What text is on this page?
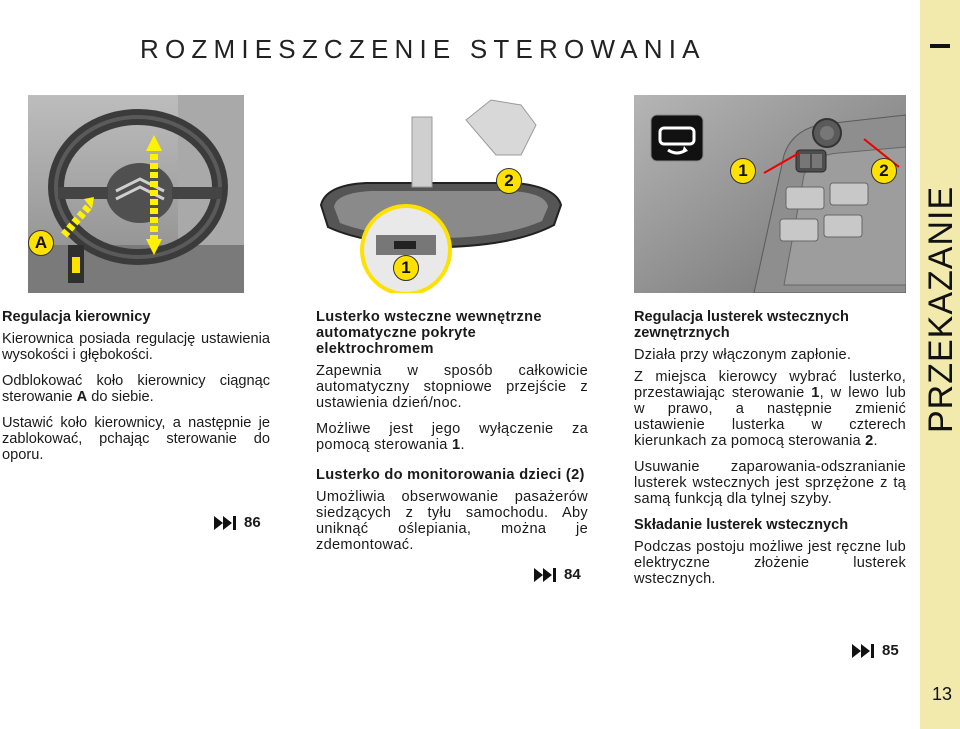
ROZMIESZCZENIE STEROWANIA
PRZEKAZANIE
13
A
2
1
1	2
Regulacja kierownicy

Kierownica posiada regulację ustawienia wysokości i głębokości.

Odblokować koło kierownicy ciągnąc sterowanie A do siebie.

Ustawić koło kierownicy, a następnie je zablokować, pchając sterowanie do oporu.

86
Lusterko wsteczne wewnętrzne automatyczne pokryte elektrochromem

Zapewnia w sposób całkowicie automatyczny stopniowe przejście z ustawienia dzień/noc.

Możliwe jest jego wyłączenie za pomocą sterowania 1.

Lusterko do monitorowania dzieci (2)

Umożliwia obserwowanie pasażerów siedzących z tyłu samochodu. Aby uniknąć oślepiania, można je zdemontować.

84
Regulacja lusterek wstecznych zewnętrznych

Działa przy włączonym zapłonie.

Z miejsca kierowcy wybrać lusterko, przestawiając sterowanie 1, w lewo lub w prawo, a następnie zmienić ustawienie lusterka w czterech kierunkach za pomocą sterowania 2.

Usuwanie zaparowania-odszranianie lusterek wstecznych jest sprzężone z tą samą funkcją dla tylnej szyby.

Składanie lusterek wstecznych

Podczas postoju możliwe jest ręczne lub elektryczne złożenie lusterek wstecznych.

85
